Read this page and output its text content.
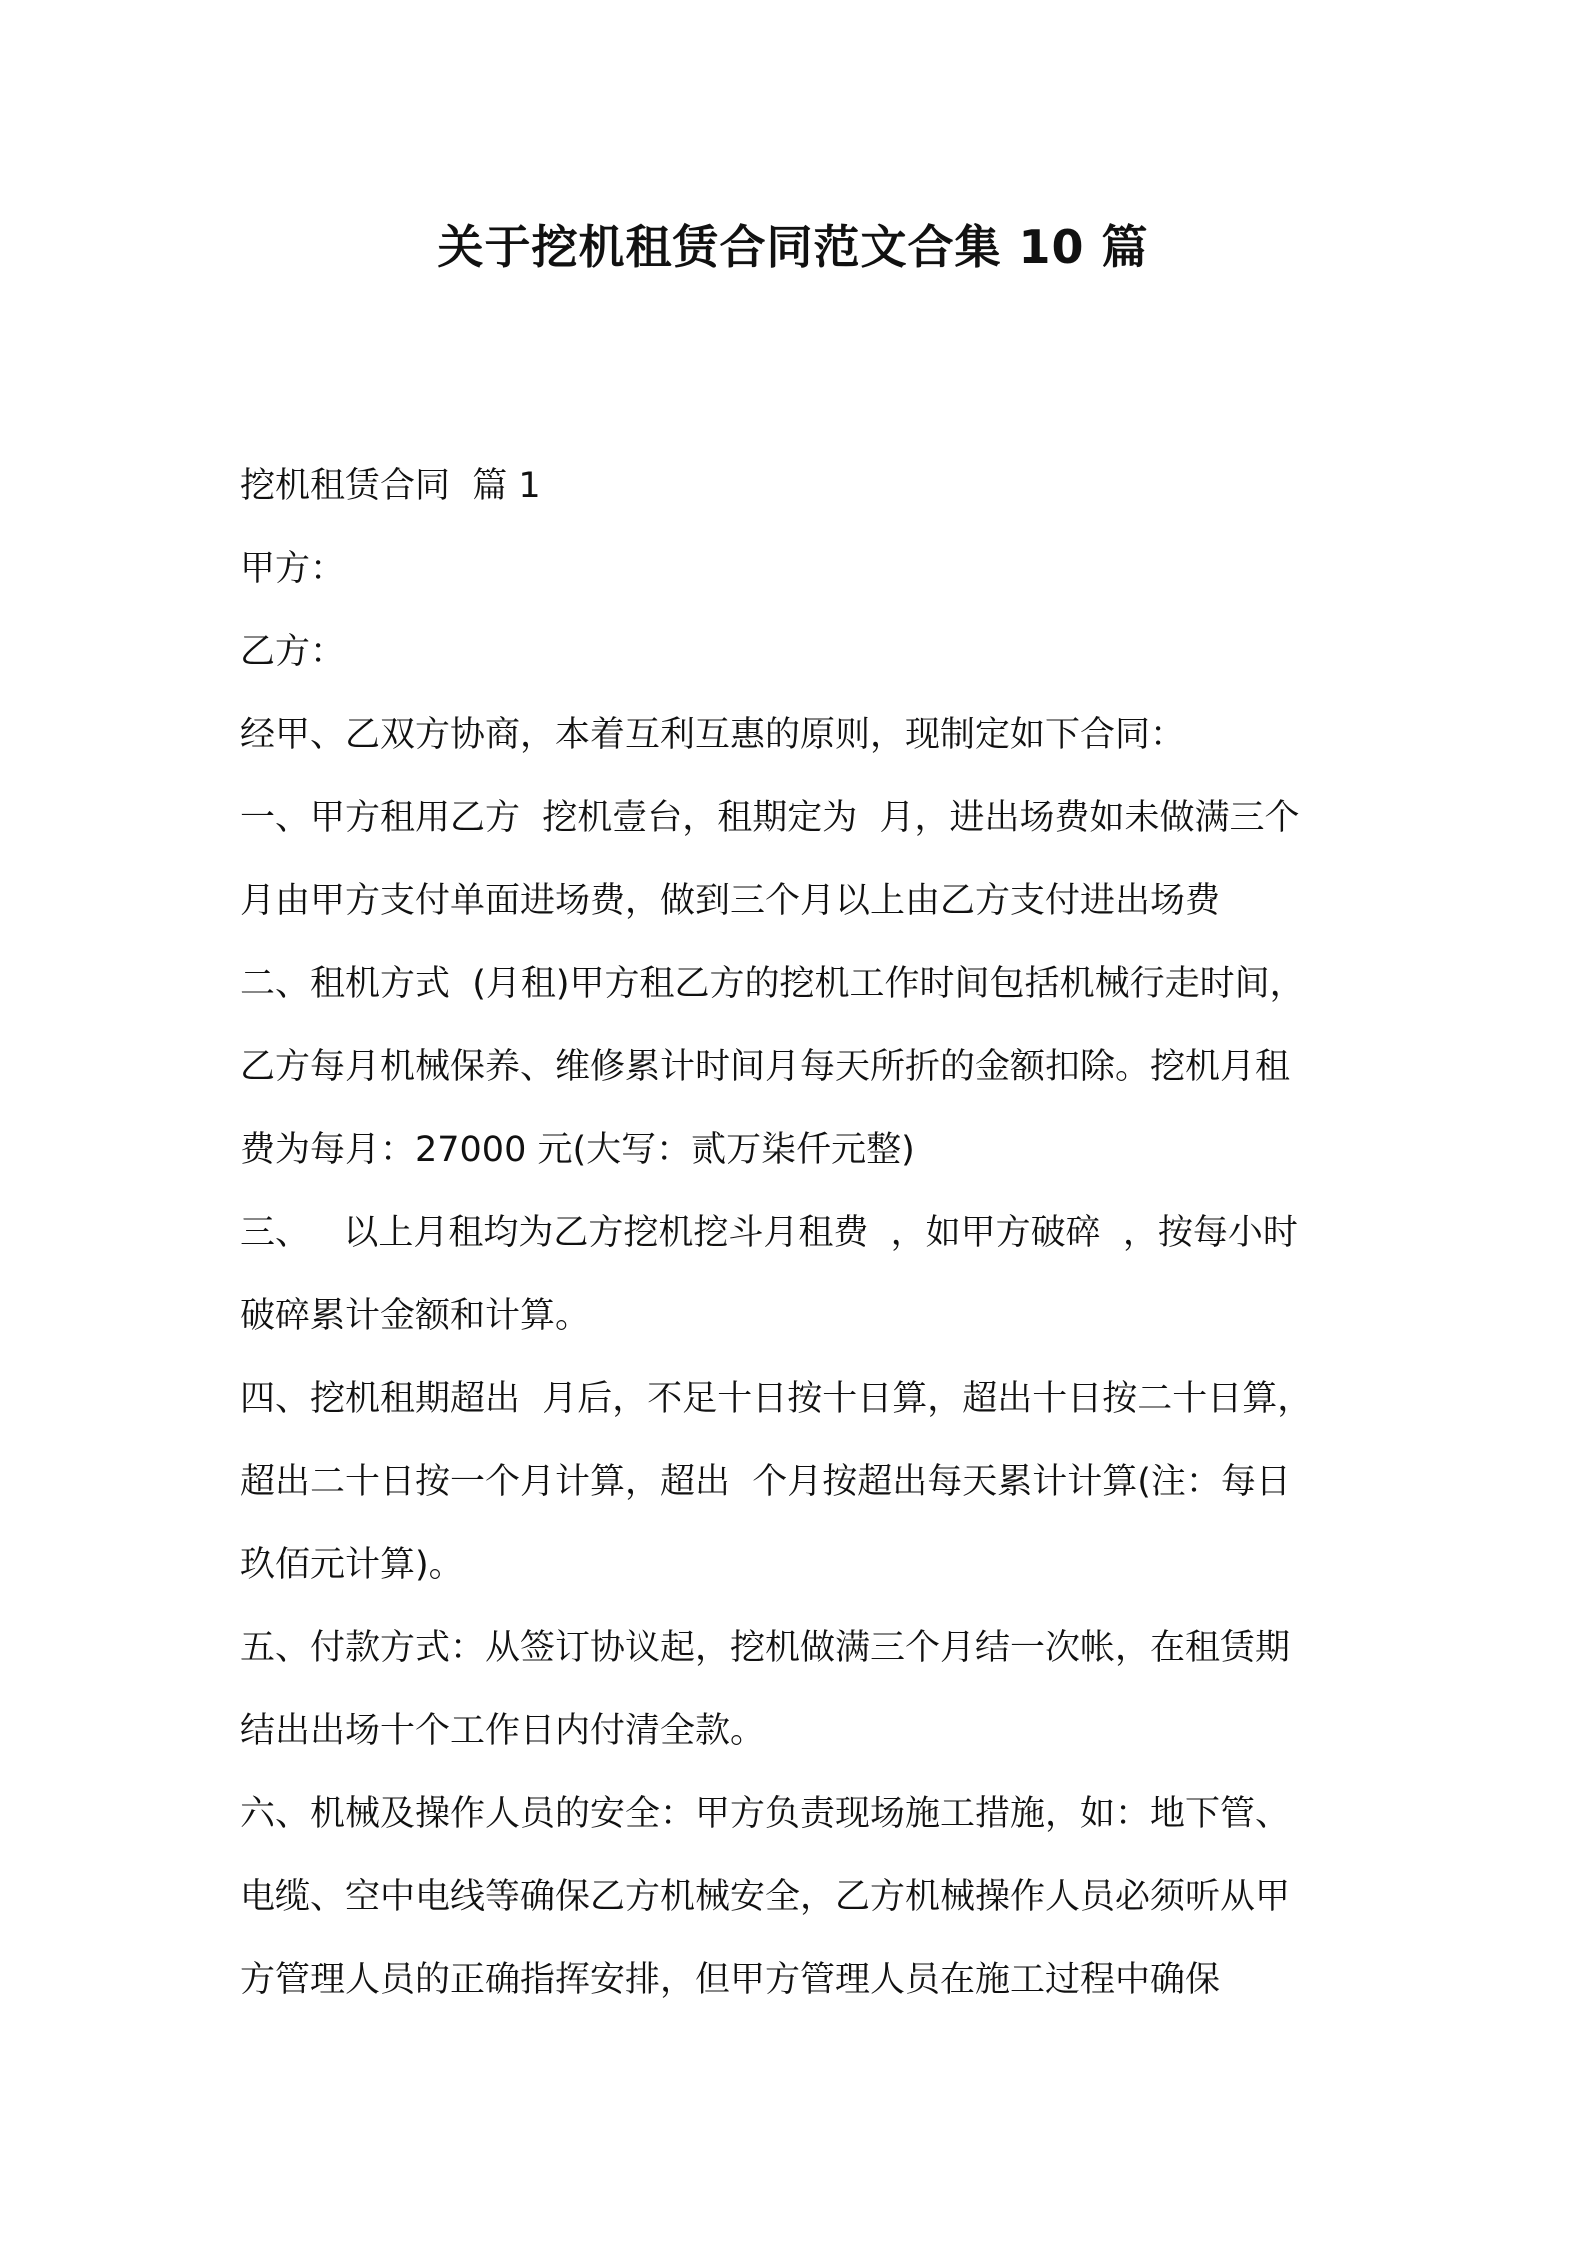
关于挖机租赁合同范文合集 10 篇
挖机租赁合同  篇 1
甲方：
乙方：
经甲、乙双方协商，本着互利互惠的原则，现制定如下合同：
一、甲方租用乙方  挖机壹台，租期定为  月，进出场费如未做满三个
月由甲方支付单面进场费，做到三个月以上由乙方支付进出场费
二、租机方式  (月租)甲方租乙方的挖机工作时间包括机械行走时间，
乙方每月机械保养、维修累计时间月每天所折的金额扣除。挖机月租
费为每月：27000 元(大写：贰万柒仟元整)
三、   以上月租均为乙方挖机挖斗月租费  ，如甲方破碎  ，按每小时
破碎累计金额和计算。
四、挖机租期超出  月后，不足十日按十日算，超出十日按二十日算，
超出二十日按一个月计算，超出  个月按超出每天累计计算(注：每日
玖佰元计算)。
五、付款方式：从签订协议起，挖机做满三个月结一次帐，在租赁期
结出出场十个工作日内付清全款。
六、机械及操作人员的安全：甲方负责现场施工措施，如：地下管、
电缆、空中电线等确保乙方机械安全，乙方机械操作人员必须听从甲
方管理人员的正确指挥安排，但甲方管理人员在施工过程中确保
